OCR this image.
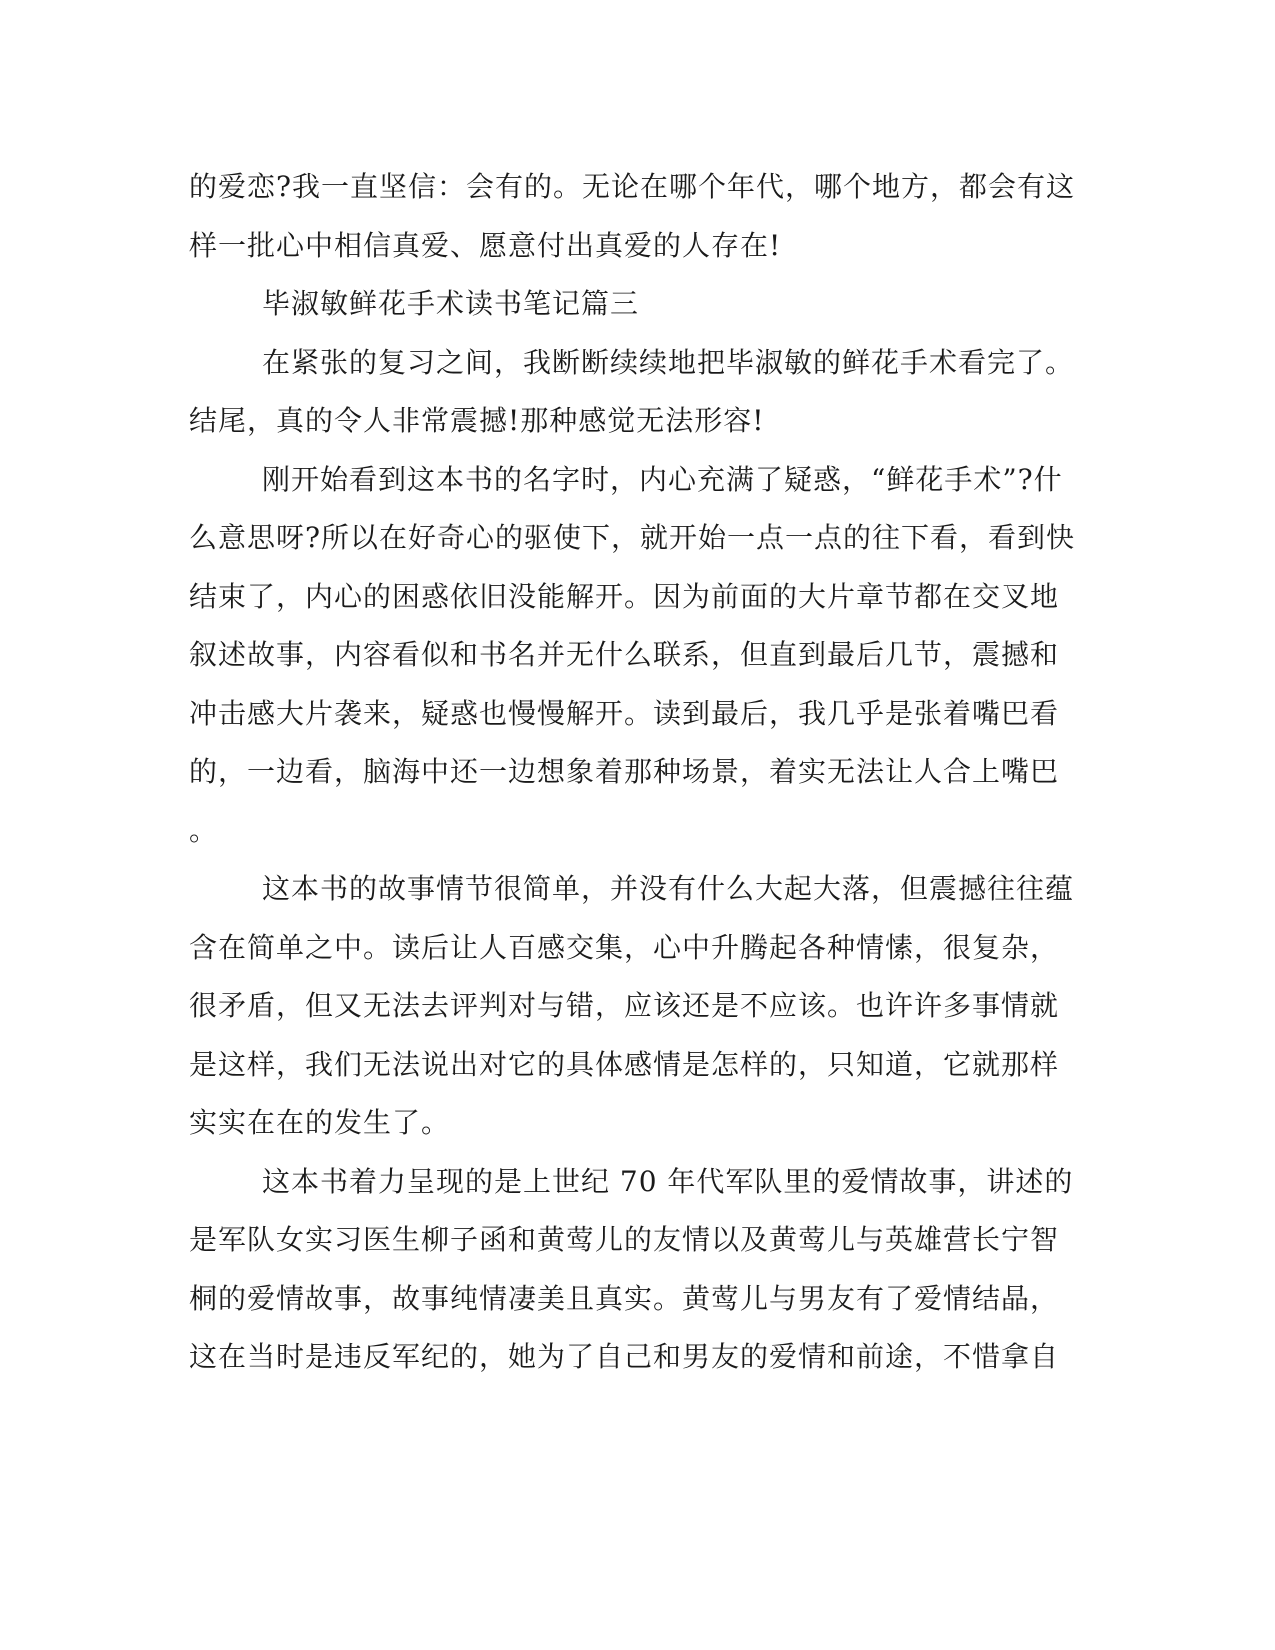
的爱恋?我一直坚信：会有的。无论在哪个年代，哪个地方，都会有这
样一批心中相信真爱、愿意付出真爱的人存在!
毕淑敏鲜花手术读书笔记篇三
在紧张的复习之间，我断断续续地把毕淑敏的鲜花手术看完了。
结尾，真的令人非常震撼!那种感觉无法形容!
刚开始看到这本书的名字时，内心充满了疑惑，“鲜花手术”?什
么意思呀?所以在好奇心的驱使下，就开始一点一点的往下看，看到快
结束了，内心的困惑依旧没能解开。因为前面的大片章节都在交叉地
叙述故事，内容看似和书名并无什么联系，但直到最后几节，震撼和
冲击感大片袭来，疑惑也慢慢解开。读到最后，我几乎是张着嘴巴看
的，一边看，脑海中还一边想象着那种场景，着实无法让人合上嘴巴
。
这本书的故事情节很简单，并没有什么大起大落，但震撼往往蕴
含在简单之中。读后让人百感交集，心中升腾起各种情愫，很复杂，
很矛盾，但又无法去评判对与错，应该还是不应该。也许许多事情就
是这样，我们无法说出对它的具体感情是怎样的，只知道，它就那样
实实在在的发生了。
这本书着力呈现的是上世纪 70 年代军队里的爱情故事，讲述的
是军队女实习医生柳子函和黄莺儿的友情以及黄莺儿与英雄营长宁智
桐的爱情故事，故事纯情凄美且真实。黄莺儿与男友有了爱情结晶，
这在当时是违反军纪的，她为了自己和男友的爱情和前途，不惜拿自
